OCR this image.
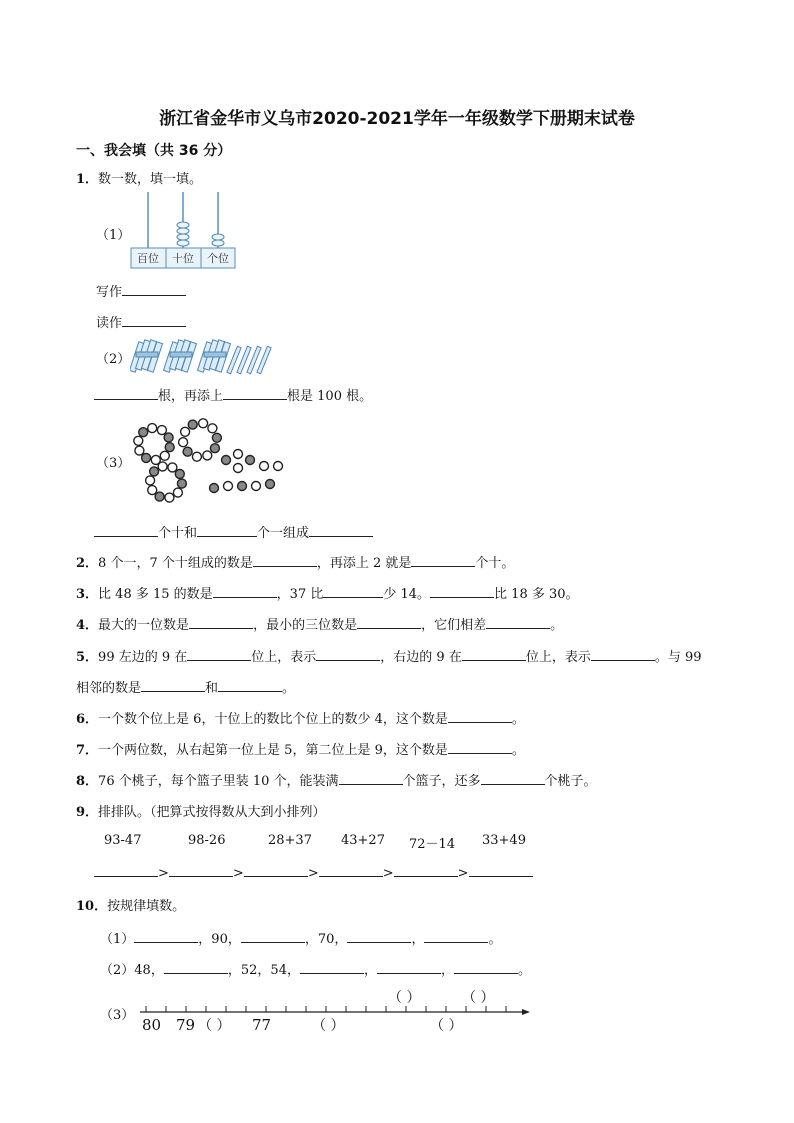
浙江省金华市义乌市2020-2021学年一年级数学下册期末试卷
一、我会填（共 36 分）
1．数一数，填一填。
（1）
百位 十位 个位
写作
读作
（2）
根，再添上	根是 100 根。
（3）
个十和	个一组成
2．8 个一，7 个十组成的数是	，再添上 2 就是	个十。
3．比 48 多 15 的数是	，37 比	少 14。	比 18 多 30。
4．最大的一位数是	，最小的三位数是	，它们相差	。
5．99 左边的 9 在	位上，表示	，右边的 9 在	位上，表示	。与 99
相邻的数是	和	。
6．一个数个位上是 6，十位上的数比个位上的数少 4，这个数是	。
7．一个两位数，从右起第一位上是 5，第二位上是 9，这个数是	。
8．76 个桃子，每个篮子里装 10 个，能装满	个篮子，还多	个桃子。
9．排排队。（把算式按得数从大到小排列）
93-47	98-26	28+37 43+27 72－14 33+49
>	>	>	>	>
10．按规律填数。
（1）	，90，	，70，	，	。
（2）48，	，52，54，	，	，	。
（3）
80 79 （ ） 77	（ ）	（ ）
（ ）	（ ）
